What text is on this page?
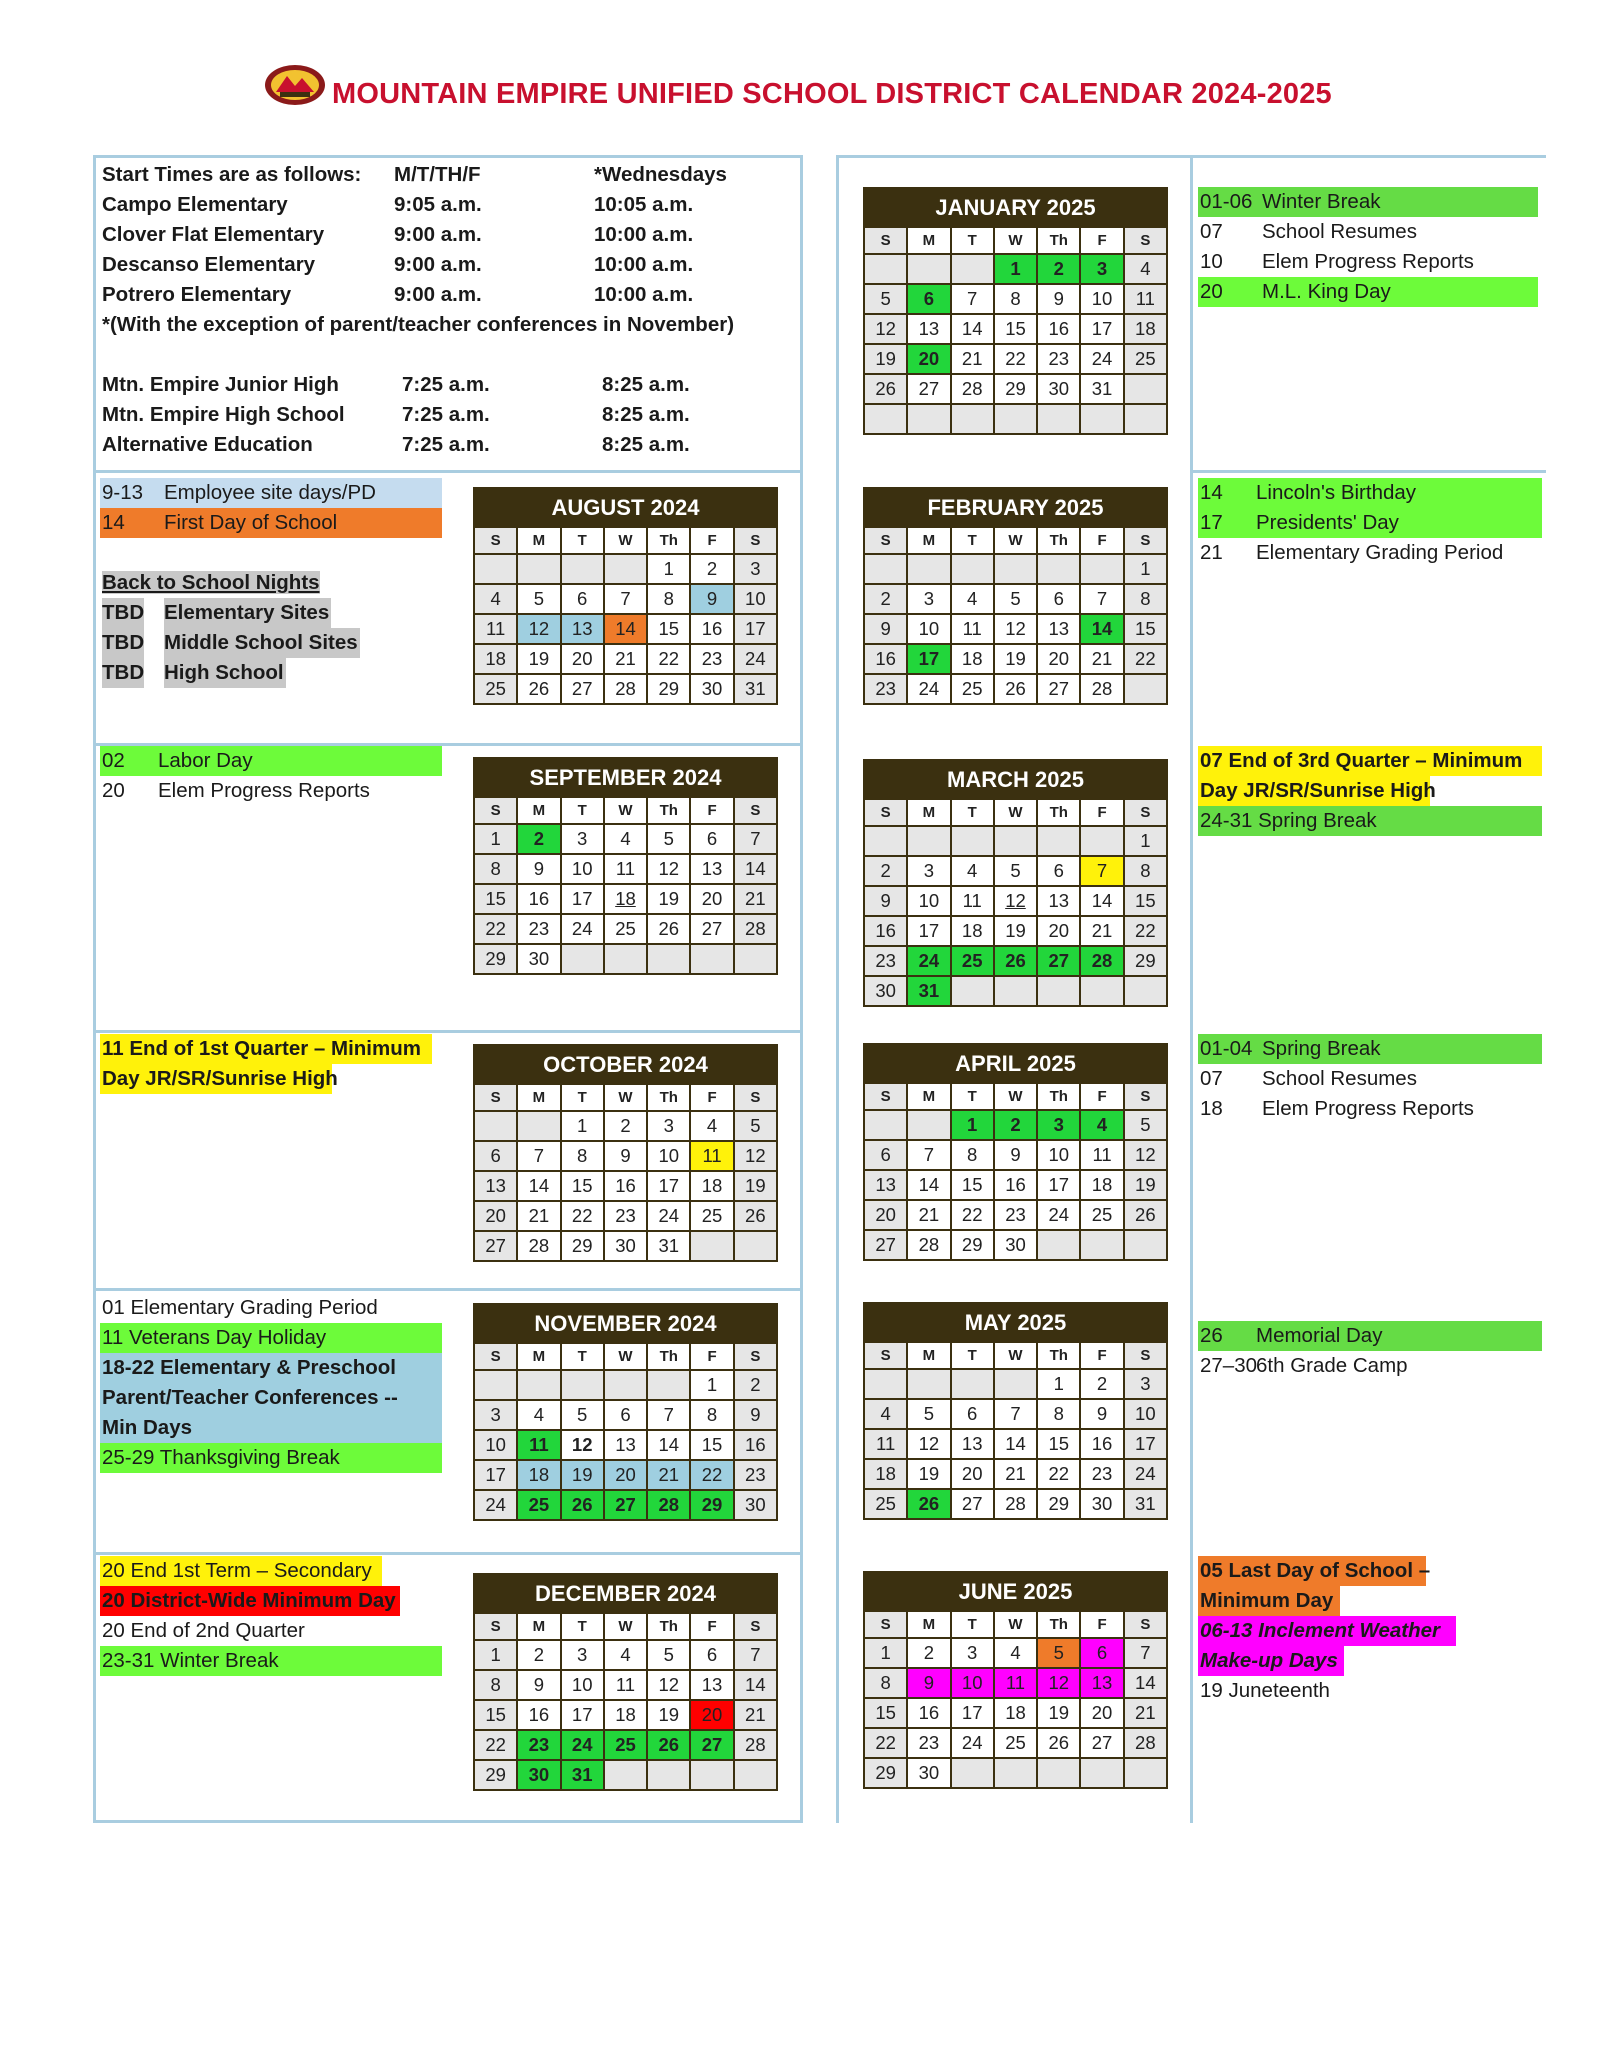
MOUNTAIN EMPIRE UNIFIED SCHOOL DISTRICT CALENDAR 2024-2025
Start Times are as follows: M/T/TH/F	*Wednesdays
Campo Elementary	9:05 a.m.	10:05 a.m.
Clover Flat Elementary	9:00 a.m.	10:00 a.m.
Descanso Elementary	9:00 a.m.	10:00 a.m.
Potrero Elementary	9:00 a.m.	10:00 a.m.
*(With the exception of parent/teacher conferences in November)
Mtn. Empire Junior High	7:25 a.m.	8:25 a.m.
Mtn. Empire High School	7:25 a.m.	8:25 a.m.
Alternative Education	7:25 a.m.	8:25 a.m.
9-13 Employee site days/PD
14 First Day of School
Back to School Nights
TBD Elementary Sites
TBD Middle School Sites
TBD High School
02 Labor Day
20 Elem Progress Reports
11 End of 1st Quarter – Minimum
Day JR/SR/Sunrise High
01 Elementary Grading Period
11 Veterans Day Holiday
18-22 Elementary & Preschool
Parent/Teacher Conferences --
Min Days
25-29 Thanksgiving Break
20 End 1st Term – Secondary
20 District-Wide Minimum Day
20 End of 2nd Quarter
23-31 Winter Break
01-06 Winter Break
07 School Resumes
10 Elem Progress Reports
20 M.L. King Day
14 Lincoln's Birthday
17 Presidents' Day
21 Elementary Grading Period
07 End of 3rd Quarter – Minimum
Day JR/SR/Sunrise High
24-31 Spring Break
01-04 Spring Break
07 School Resumes
18 Elem Progress Reports
26 Memorial Day
27–30
6th Grade Camp
05 Last Day of School –
Minimum Day
06-13 Inclement Weather
Make-up Days
19 Juneteenth
AUGUST 2024
S	M	T	W	Th	F	S
				1	2	3
4	5	6	7	8	9	10
11	12	13	14	15	16	17
18	19	20	21	22	23	24
25	26	27	28	29	30	31
SEPTEMBER 2024
S	M	T	W	Th	F	S
1	2	3	4	5	6	7
8	9	10	11	12	13	14
15	16	17	18	19	20	21
22	23	24	25	26	27	28
29	30					
OCTOBER 2024
S	M	T	W	Th	F	S
		1	2	3	4	5
6	7	8	9	10	11	12
13	14	15	16	17	18	19
20	21	22	23	24	25	26
27	28	29	30	31		
NOVEMBER 2024
S	M	T	W	Th	F	S
					1	2
3	4	5	6	7	8	9
10	11	12	13	14	15	16
17	18	19	20	21	22	23
24	25	26	27	28	29	30
DECEMBER 2024
S	M	T	W	Th	F	S
1	2	3	4	5	6	7
8	9	10	11	12	13	14
15	16	17	18	19	20	21
22	23	24	25	26	27	28
29	30	31				
JANUARY 2025
S	M	T	W	Th	F	S
			1	2	3	4
5	6	7	8	9	10	11
12	13	14	15	16	17	18
19	20	21	22	23	24	25
26	27	28	29	30	31	

FEBRUARY 2025
S	M	T	W	Th	F	S
						1
2	3	4	5	6	7	8
9	10	11	12	13	14	15
16	17	18	19	20	21	22
23	24	25	26	27	28	
MARCH 2025
S	M	T	W	Th	F	S
						1
2	3	4	5	6	7	8
9	10	11	12	13	14	15
16	17	18	19	20	21	22
23	24	25	26	27	28	29
30	31					
APRIL 2025
S	M	T	W	Th	F	S
		1	2	3	4	5
6	7	8	9	10	11	12
13	14	15	16	17	18	19
20	21	22	23	24	25	26
27	28	29	30			
MAY 2025
S	M	T	W	Th	F	S
				1	2	3
4	5	6	7	8	9	10
11	12	13	14	15	16	17
18	19	20	21	22	23	24
25	26	27	28	29	30	31
JUNE 2025
S	M	T	W	Th	F	S
1	2	3	4	5	6	7
8	9	10	11	12	13	14
15	16	17	18	19	20	21
22	23	24	25	26	27	28
29	30					
